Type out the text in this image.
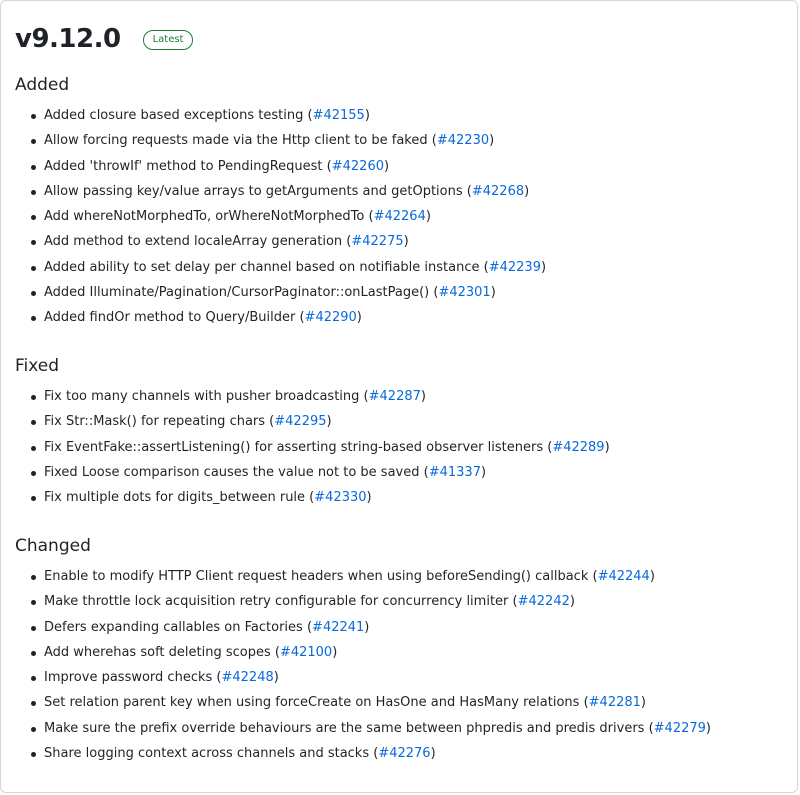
v9.12.0	Latest
Added
Added closure based exceptions testing (#42155)
Allow forcing requests made via the Http client to be faked (#42230)
Added 'throwIf' method to PendingRequest (#42260)
Allow passing key/value arrays to getArguments and getOptions (#42268)
Add whereNotMorphedTo, orWhereNotMorphedTo (#42264)
Add method to extend localeArray generation (#42275)
Added ability to set delay per channel based on notifiable instance (#42239)
Added Illuminate/Pagination/CursorPaginator::onLastPage() (#42301)
Added findOr method to Query/Builder (#42290)
Fixed
Fix too many channels with pusher broadcasting (#42287)
Fix Str::Mask() for repeating chars (#42295)
Fix EventFake::assertListening() for asserting string-based observer listeners (#42289)
Fixed Loose comparison causes the value not to be saved (#41337)
Fix multiple dots for digits_between rule (#42330)
Changed
Enable to modify HTTP Client request headers when using beforeSending() callback (#42244)
Make throttle lock acquisition retry configurable for concurrency limiter (#42242)
Defers expanding callables on Factories (#42241)
Add wherehas soft deleting scopes (#42100)
Improve password checks (#42248)
Set relation parent key when using forceCreate on HasOne and HasMany relations (#42281)
Make sure the prefix override behaviours are the same between phpredis and predis drivers (#42279)
Share logging context across channels and stacks (#42276)
